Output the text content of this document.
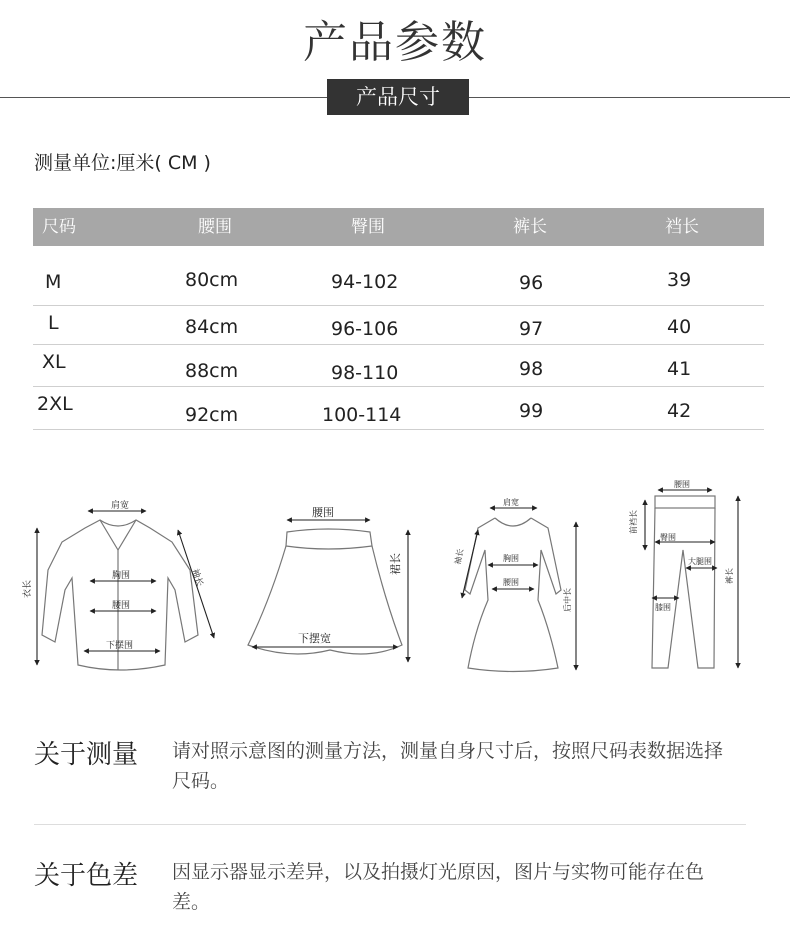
产品参数
产品尺寸
测量单位:厘米( CM )
尺码	腰围	臀围	裤长	裆长
M	80cm	94-102	96	39
L	84cm	96-106	97	40
XL	88cm	98-110	98	41
2XL	92cm	100-114	99	42
肩宽
胸围
腰围
下摆围
衣长
袖长
腰围
下摆宽
裙长
肩宽
胸围
腰围
袖长
后中长
腰围
前裆长
臀围
大腿围
膝围
裤长
关于测量 请对照示意图的测量方法，测量自身尺寸后，按照尺码表数据选择尺码。
关于色差 因显示器显示差异，以及拍摄灯光原因，图片与实物可能存在色差。
